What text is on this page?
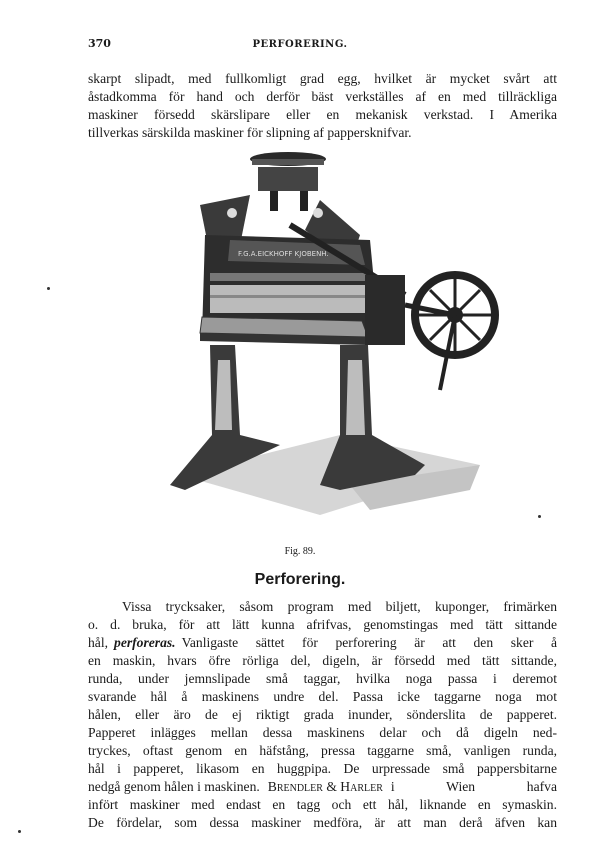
370	PERFORERING.
skarpt slipadt, med fullkomligt grad egg, hvilket är mycket svårt att
åstadkomma för hand och derför bäst verkställes af en med tillräckliga
maskiner försedd skärslipare eller en mekanisk verkstad. I Amerika
tillverkas särskilda maskiner för slipning af pappersknifvar.
F.G.A.EICKHOFF KJOBENH.
Fig. 89.
Perforering.
Vissa trycksaker, såsom program med biljett, kuponger, frimärken
o. d. bruka, för att lätt kunna afrifvas, genomstingas med tätt sittande
hål, perforeras. Vanligaste sättet för perforering är att den sker å
en maskin, hvars öfre rörliga del, digeln, är försedd med tätt sittande,
runda, under jemnslipade små taggar, hvilka noga passa i deremot
svarande hål å maskinens undre del. Passa icke taggarne noga mot
hålen, eller äro de ej riktigt grada inunder, sönderslita de papperet.
Papperet inlägges mellan dessa maskinens delar och då digeln ned-
tryckes, oftast genom en häfstång, pressa taggarne små, vanligen runda,
hål i papperet, likasom en huggpipa. De urpressade små pappersbitarne
nedgå genom hålen i maskinen. Brendler & Harler i Wien hafva
infört maskiner med endast en tagg och ett hål, liknande en symaskin.
De fördelar, som dessa maskiner medföra, är att man derå äfven kan
